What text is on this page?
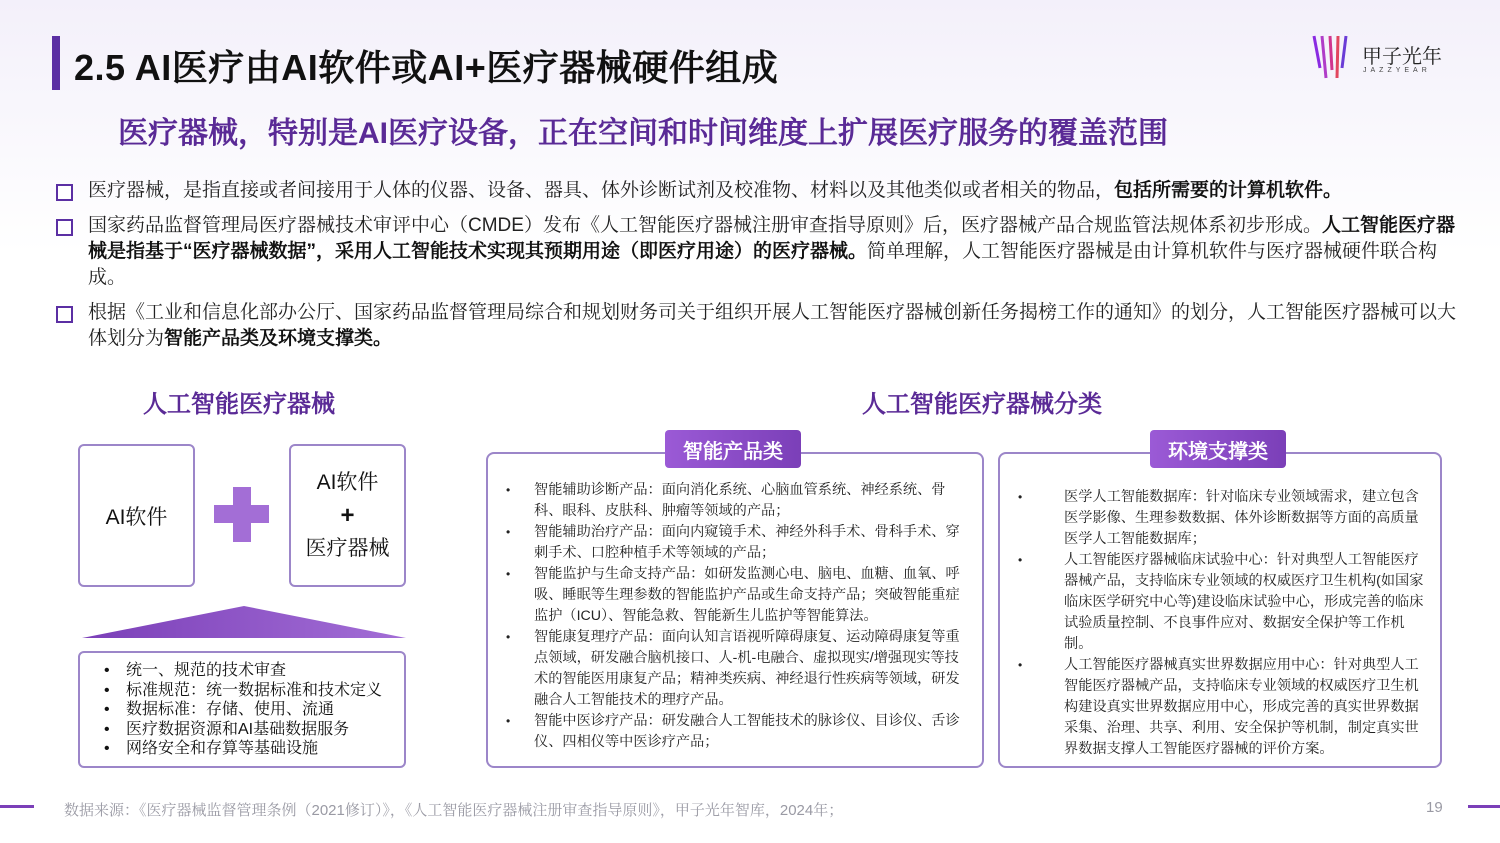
2.5 AI医疗由AI软件或AI+医疗器械硬件组成	甲子光年
JAZZYEAR
医疗器械，特别是AI医疗设备，正在空间和时间维度上扩展医疗服务的覆盖范围
医疗器械，是指直接或者间接用于人体的仪器、设备、器具、体外诊断试剂及校准物、材料以及其他类似或者相关的物品，包括所需要的计算机软件。
国家药品监督管理局医疗器械技术审评中心（CMDE）发布《人工智能医疗器械注册审查指导原则》后，医疗器械产品合规监管法规体系初步形成。人工智能医疗器械是指基于“医疗器械数据”，采用人工智能技术实现其预期用途（即医疗用途）的医疗器械。简单理解，人工智能医疗器械是由计算机软件与医疗器械硬件联合构成。
根据《工业和信息化部办公厅、国家药品监督管理局综合和规划财务司关于组织开展人工智能医疗器械创新任务揭榜工作的通知》的划分，人工智能医疗器械可以大体划分为智能产品类及环境支撑类。
人工智能医疗器械	人工智能医疗器械分类
AI软件
AI软件
+
医疗器械
• 统一、规范的技术审查
• 标准规范：统一数据标准和技术定义
• 数据标准：存储、使用、流通
• 医疗数据资源和AI基础数据服务
• 网络安全和存算等基础设施
智能产品类
• 智能辅助诊断产品：面向消化系统、心脑血管系统、神经系统、骨科、眼科、皮肤科、肿瘤等领域的产品；
• 智能辅助治疗产品：面向内窥镜手术、神经外科手术、骨科手术、穿刺手术、口腔种植手术等领域的产品；
• 智能监护与生命支持产品：如研发监测心电、脑电、血糖、血氧、呼吸、睡眠等生理参数的智能监护产品或生命支持产品；突破智能重症监护（ICU）、智能急救、智能新生儿监护等智能算法。
• 智能康复理疗产品：面向认知言语视听障碍康复、运动障碍康复等重点领域，研发融合脑机接口、人-机-电融合、虚拟现实/增强现实等技术的智能医用康复产品；精神类疾病、神经退行性疾病等领域，研发融合人工智能技术的理疗产品。
• 智能中医诊疗产品：研发融合人工智能技术的脉诊仪、目诊仪、舌诊仪、四相仪等中医诊疗产品；
环境支撑类
• 医学人工智能数据库：针对临床专业领域需求，建立包含医学影像、生理参数数据、体外诊断数据等方面的高质量医学人工智能数据库；
• 人工智能医疗器械临床试验中心：针对典型人工智能医疗器械产品，支持临床专业领域的权威医疗卫生机构(如国家临床医学研究中心等)建设临床试验中心，形成完善的临床试验质量控制、不良事件应对、数据安全保护等工作机制。
• 人工智能医疗器械真实世界数据应用中心：针对典型人工智能医疗器械产品，支持临床专业领域的权威医疗卫生机构建设真实世界数据应用中心，形成完善的真实世界数据采集、治理、共享、利用、安全保护等机制，制定真实世界数据支撑人工智能医疗器械的评价方案。
数据来源：《医疗器械监督管理条例（2021修订）》，《人工智能医疗器械注册审查指导原则》，甲子光年智库，2024年；	19
